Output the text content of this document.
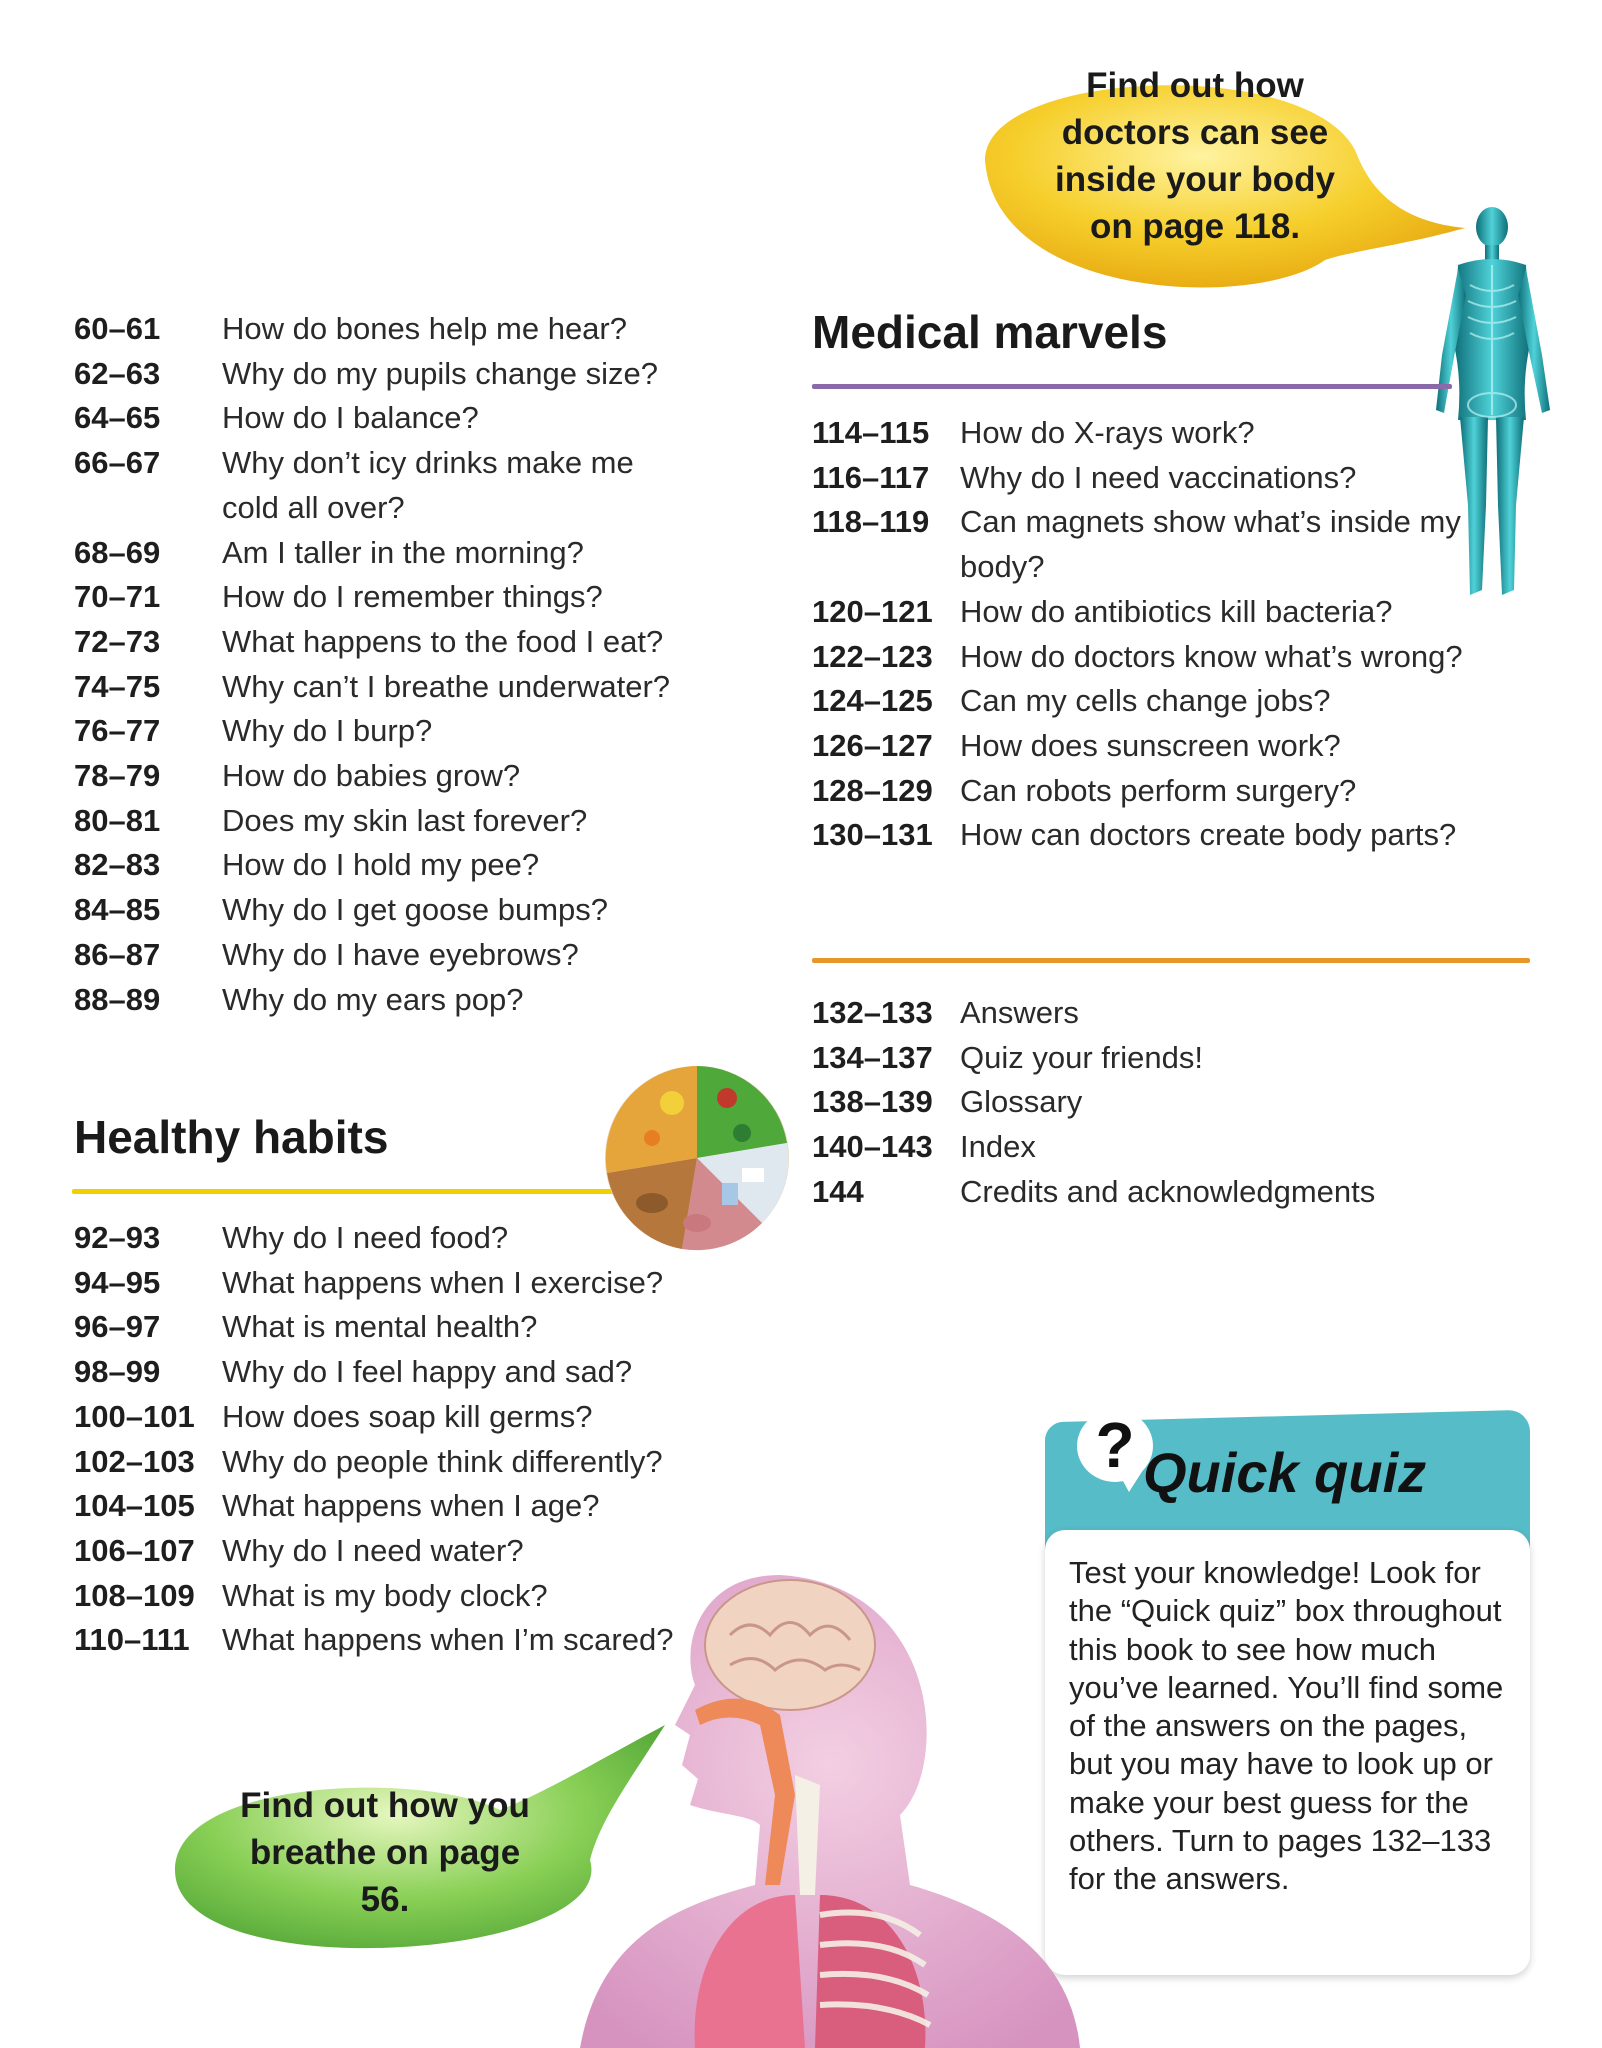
Find out how doctors can see inside your body on page 118.
60–61	How do bones help me hear?
62–63	Why do my pupils change size?
64–65	How do I balance?
66–67	Why don’t icy drinks make me cold all over?
68–69	Am I taller in the morning?
70–71	How do I remember things?
72–73	What happens to the food I eat?
74–75	Why can’t I breathe underwater?
76–77	Why do I burp?
78–79	How do babies grow?
80–81	Does my skin last forever?
82–83	How do I hold my pee?
84–85	Why do I get goose bumps?
86–87	Why do I have eyebrows?
88–89	Why do my ears pop?
Healthy habits
92–93	Why do I need food?
94–95	What happens when I exercise?
96–97	What is mental health?
98–99	Why do I feel happy and sad?
100–101 How does soap kill germs?
102–103 Why do people think differently?
104–105 What happens when I age?
106–107 Why do I need water?
108–109 What is my body clock?
110–111	What happens when I’m scared?
Medical marvels
114–115 How do X-rays work?
116–117 Why do I need vaccinations?
118–119 Can magnets show what’s inside my body?
120–121 How do antibiotics kill bacteria?
122–123 How do doctors know what’s wrong?
124–125 Can my cells change jobs?
126–127 How does sunscreen work?
128–129 Can robots perform surgery?
130–131 How can doctors create body parts?
132–133 Answers
134–137 Quiz your friends!
138–139 Glossary
140–143 Index
144	Credits and acknowledgments
? Quick quiz

Test your knowledge! Look for the “Quick quiz” box throughout this book to see how much you’ve learned. You’ll find some of the answers on the pages, but you may have to look up or make your best guess for the others. Turn to pages 132–133 for the answers.

Find out how you breathe on page 56.
